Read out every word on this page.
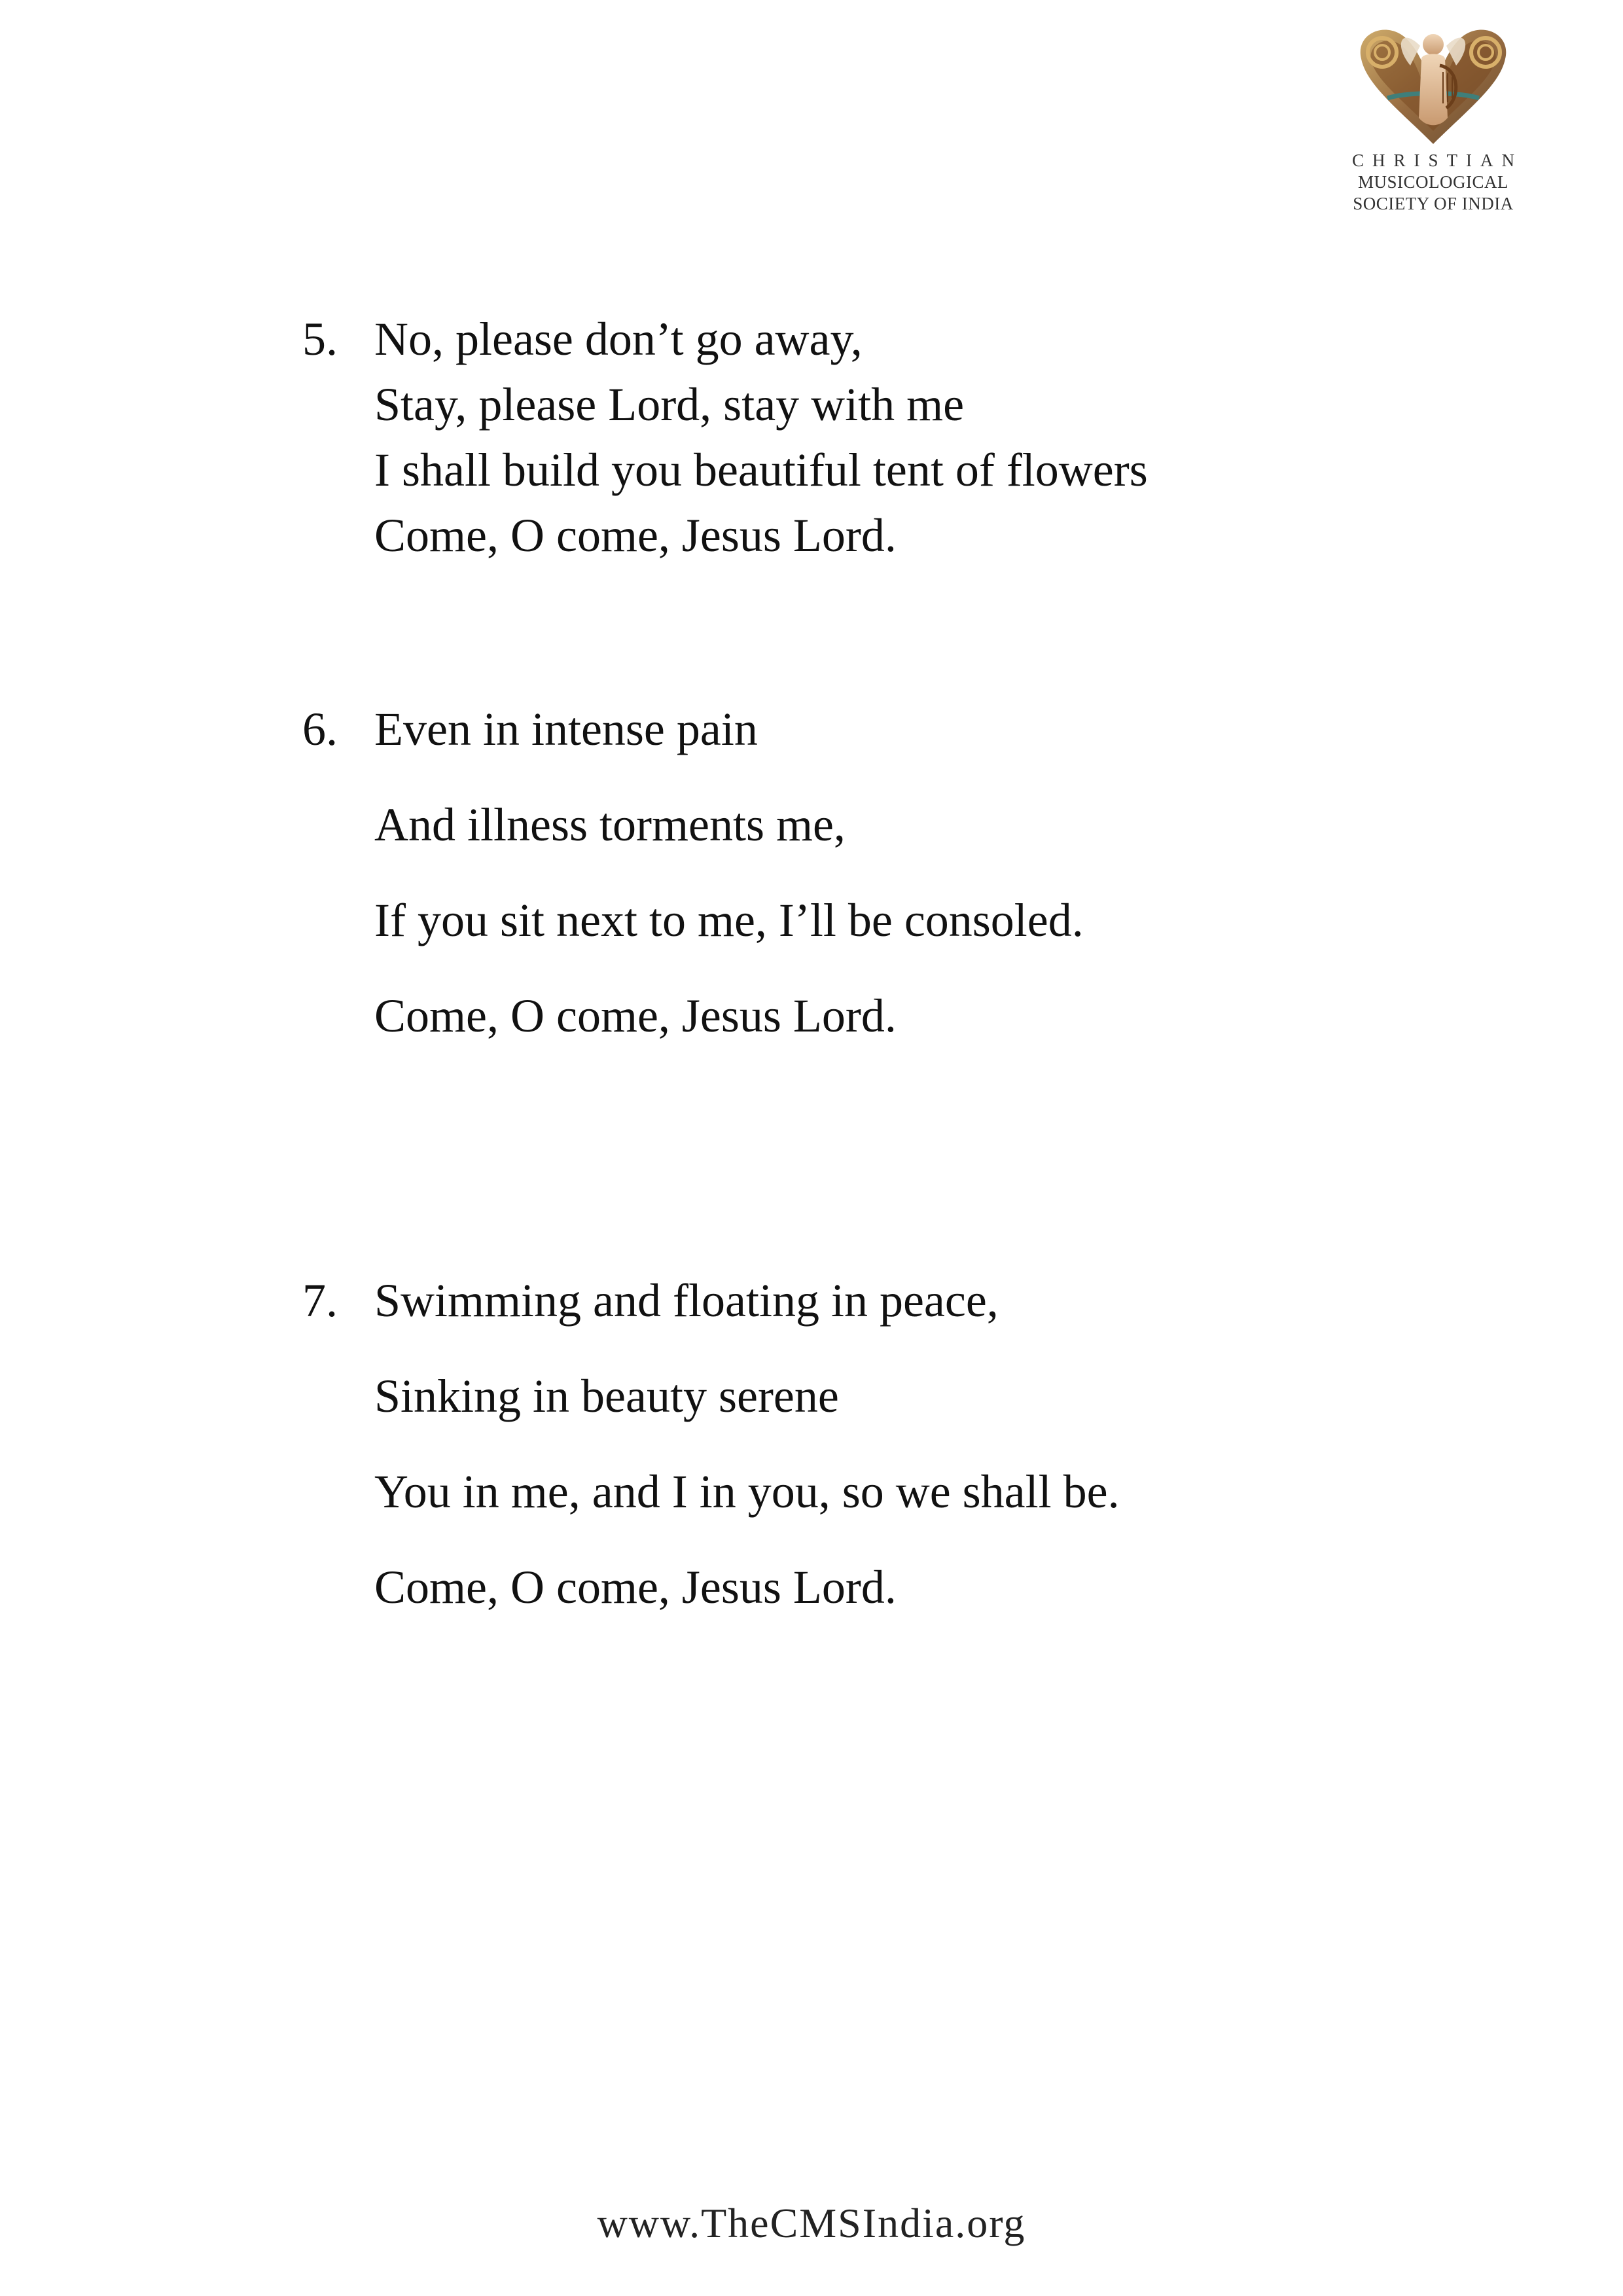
CHRISTIAN
MUSICOLOGICAL
SOCIETY OF INDIA
5. No, please don’t go away,
Stay, please Lord, stay with me
I shall build you beautiful tent of flowers
Come, O come, Jesus Lord.
6. Even in intense pain
And illness torments me,
If you sit next to me, I’ll be consoled.
Come, O come, Jesus Lord.
7. Swimming and floating in peace,
Sinking in beauty serene
You in me, and I in you, so we shall be.
Come, O come, Jesus Lord.
www.TheCMSIndia.org
